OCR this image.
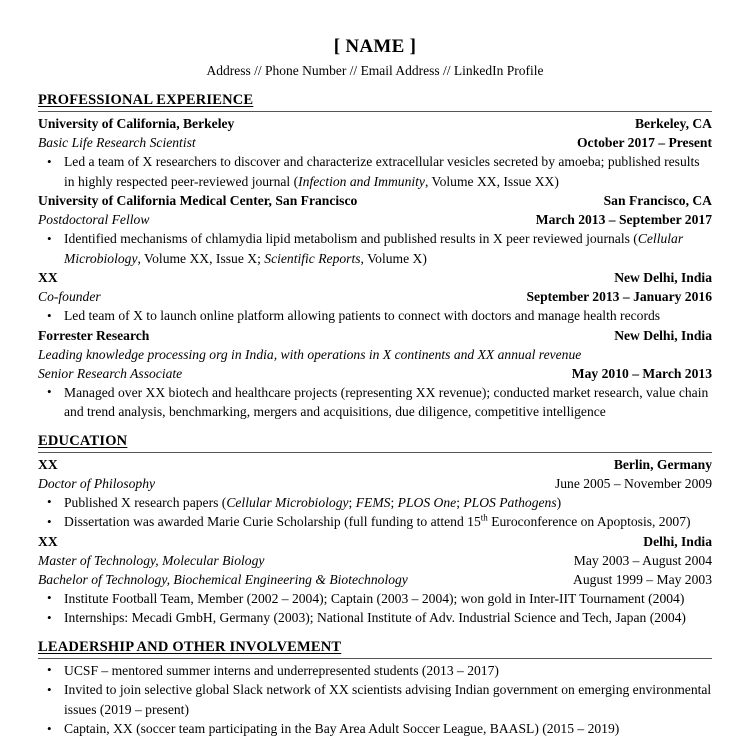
[ NAME ]
Address // Phone Number // Email Address // LinkedIn Profile
PROFESSIONAL EXPERIENCE
University of California, Berkeley	Berkeley, CA
Basic Life Research Scientist	October 2017 – Present
• Led a team of X researchers to discover and characterize extracellular vesicles secreted by amoeba; published results in highly respected peer-reviewed journal (Infection and Immunity, Volume XX, Issue XX)
University of California Medical Center, San Francisco	San Francisco, CA
Postdoctoral Fellow	March 2013 – September 2017
• Identified mechanisms of chlamydia lipid metabolism and published results in X peer reviewed journals (Cellular Microbiology, Volume XX, Issue X; Scientific Reports, Volume X)
XX	New Delhi, India
Co-founder	September 2013 – January 2016
• Led team of X to launch online platform allowing patients to connect with doctors and manage health records
Forrester Research	New Delhi, India
Leading knowledge processing org in India, with operations in X continents and XX annual revenue
Senior Research Associate	May 2010 – March 2013
• Managed over XX biotech and healthcare projects (representing XX revenue); conducted market research, value chain and trend analysis, benchmarking, mergers and acquisitions, due diligence, competitive intelligence
EDUCATION
XX	Berlin, Germany
Doctor of Philosophy	June 2005 – November 2009
• Published X research papers (Cellular Microbiology; FEMS; PLOS One; PLOS Pathogens)
• Dissertation was awarded Marie Curie Scholarship (full funding to attend 15th Euroconference on Apoptosis, 2007)
XX	Delhi, India
Master of Technology, Molecular Biology	May 2003 – August 2004
Bachelor of Technology, Biochemical Engineering & Biotechnology	August 1999 – May 2003
• Institute Football Team, Member (2002 – 2004); Captain (2003 – 2004); won gold in Inter-IIT Tournament (2004)
• Internships: Mecadi GmbH, Germany (2003); National Institute of Adv. Industrial Science and Tech, Japan (2004)
LEADERSHIP AND OTHER INVOLVEMENT
• UCSF – mentored summer interns and underrepresented students (2013 – 2017)
• Invited to join selective global Slack network of XX scientists advising Indian government on emerging environmental issues (2019 – present)
• Captain, XX (soccer team participating in the Bay Area Adult Soccer League, BAASL) (2015 – 2019)
